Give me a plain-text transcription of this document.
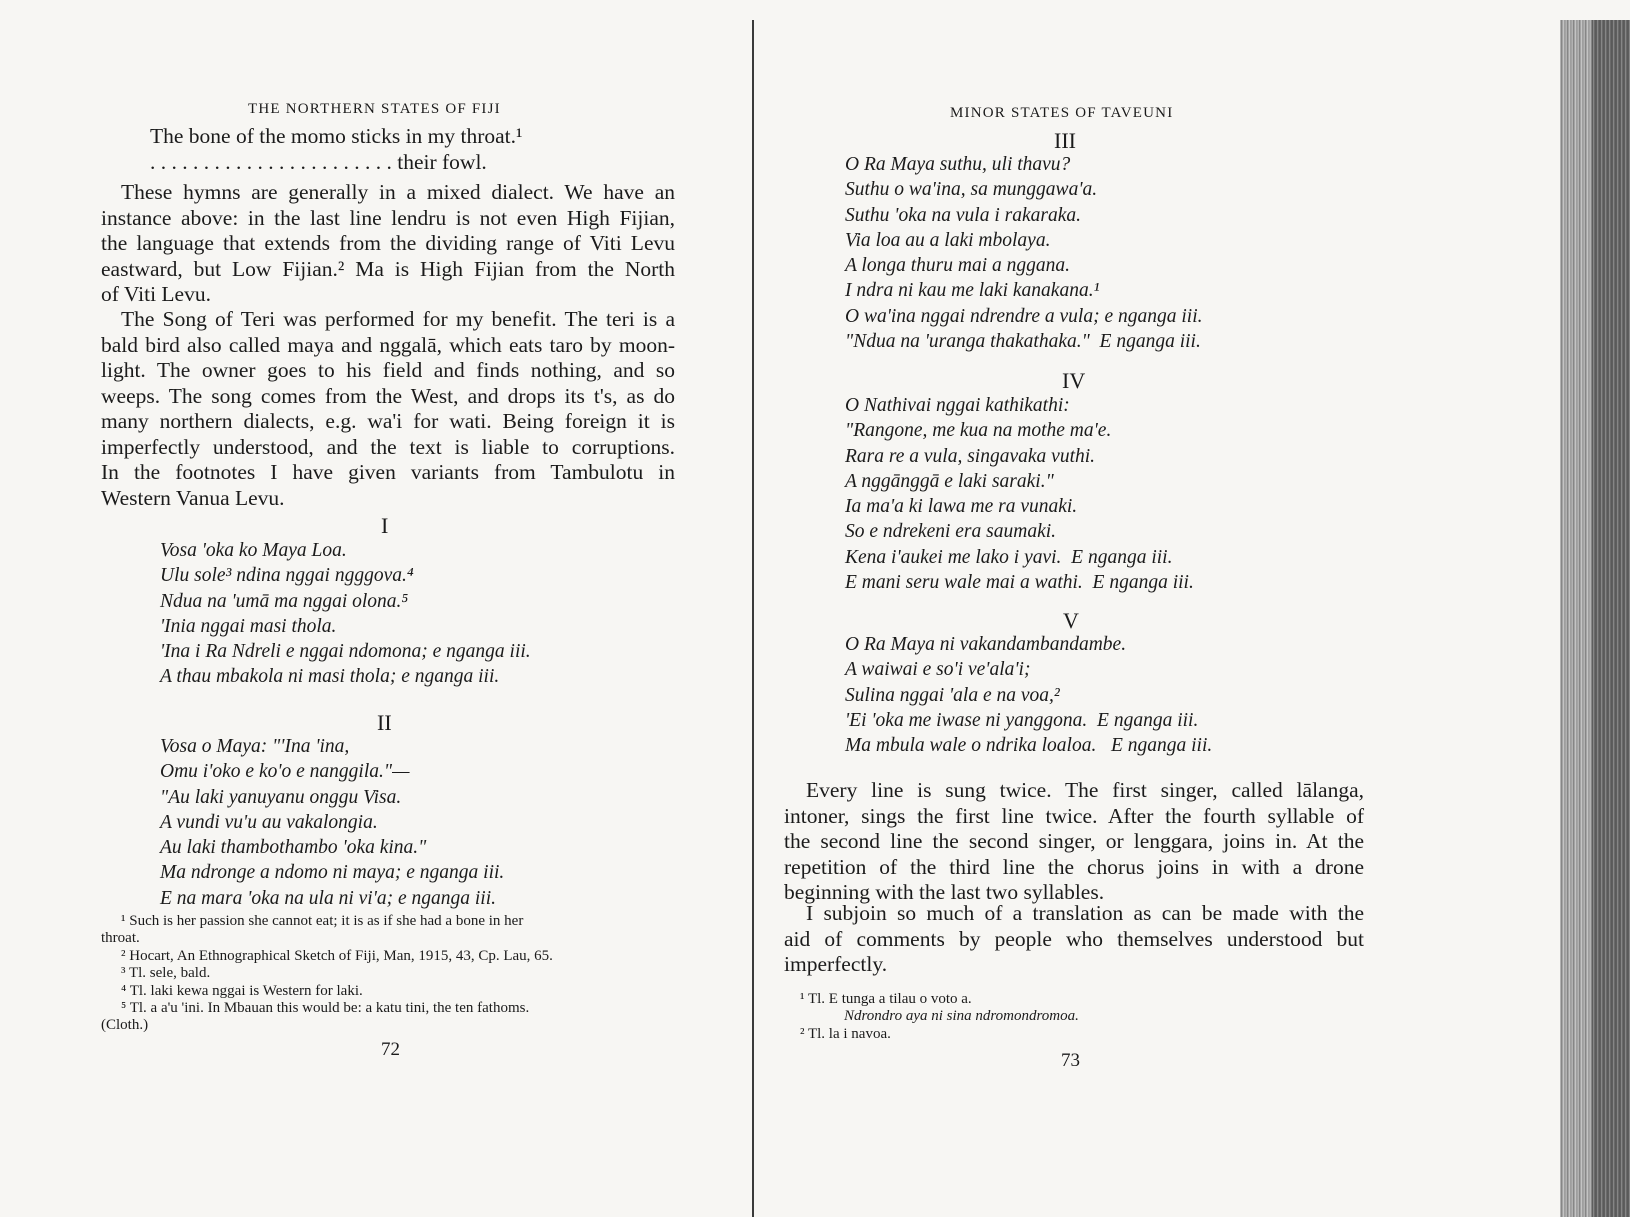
THE NORTHERN STATES OF FIJI
The bone of the momo sticks in my throat.¹
. . . . . . . . . . . . . . . . . . . . . . . their fowl.
These hymns are generally in a mixed dialect. We have an
instance above: in the last line lendru is not even High Fijian,
the language that extends from the dividing range of Viti Levu
eastward, but Low Fijian.² Ma is High Fijian from the North
of Viti Levu.
The Song of Teri was performed for my benefit. The teri is a
bald bird also called maya and nggalā, which eats taro by moon-
light. The owner goes to his field and finds nothing, and so
weeps. The song comes from the West, and drops its t's, as do
many northern dialects, e.g. wa'i for wati. Being foreign it is
imperfectly understood, and the text is liable to corruptions.
In the footnotes I have given variants from Tambulotu in
Western Vanua Levu.
I
Vosa 'oka ko Maya Loa.
Ulu sole³ ndina nggai ngggova.⁴
Ndua na 'umā ma nggai olona.⁵
'Inia nggai masi thola.
'Ina i Ra Ndreli e nggai ndomona; e nganga iii.
A thau mbakola ni masi thola; e nganga iii.
II
Vosa o Maya: "'Ina 'ina,
Omu i'oko e ko'o e nanggila."—
"Au laki yanuyanu onggu Visa.
A vundi vu'u au vakalongia.
Au laki thambothambo 'oka kina."
Ma ndronge a ndomo ni maya; e nganga iii.
E na mara 'oka na ula ni vi'a; e nganga iii.
¹ Such is her passion she cannot eat; it is as if she had a bone in her
throat.
² Hocart, An Ethnographical Sketch of Fiji, Man, 1915, 43, Cp. Lau, 65.
³ Tl. sele, bald.
⁴ Tl. laki kewa nggai is Western for laki.
⁵ Tl. a a'u 'ini. In Mbauan this would be: a katu tini, the ten fathoms.
(Cloth.)
72
MINOR STATES OF TAVEUNI
III
O Ra Maya suthu, uli thavu?
Suthu o wa'ina, sa munggawa'a.
Suthu 'oka na vula i rakaraka.
Via loa au a laki mbolaya.
A longa thuru mai a nggana.
I ndra ni kau me laki kanakana.¹
O wa'ina nggai ndrendre a vula; e nganga iii.
"Ndua na 'uranga thakathaka."  E nganga iii.
IV
O Nathivai nggai kathikathi:
"Rangone, me kua na mothe ma'e.
Rara re a vula, singavaka vuthi.
A nggānggā e laki saraki."
Ia ma'a ki lawa me ra vunaki.
So e ndrekeni era saumaki.
Kena i'aukei me lako i yavi.  E nganga iii.
E mani seru wale mai a wathi.  E nganga iii.
V
O Ra Maya ni vakandambandambe.
A waiwai e so'i ve'ala'i;
Sulina nggai 'ala e na voa,²
'Ei 'oka me iwase ni yanggona.  E nganga iii.
Ma mbula wale o ndrika loaloa.   E nganga iii.
Every line is sung twice. The first singer, called lālanga,
intoner, sings the first line twice. After the fourth syllable of
the second line the second singer, or lenggara, joins in. At the
repetition of the third line the chorus joins in with a drone
beginning with the last two syllables.
I subjoin so much of a translation as can be made with the
aid of comments by people who themselves understood but
imperfectly.
¹ Tl. E tunga a tilau o voto a.
Ndrondro aya ni sina ndromondromoa.
² Tl. la i navoa.
73
